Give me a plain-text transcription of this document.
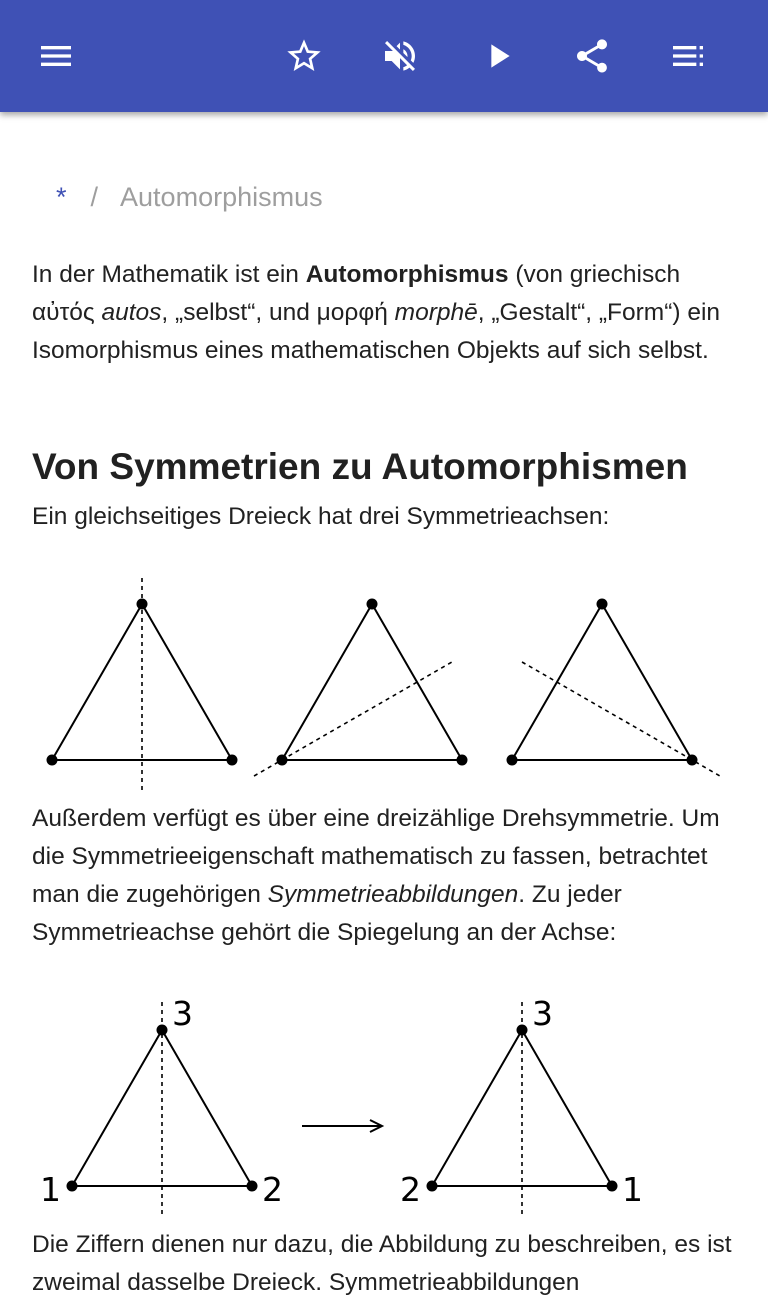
* / Automorphismus

In der Mathematik ist ein Automorphismus (von griechisch αὐτός autos, „selbst“, und μορφή morphē, „Gestalt“, „Form“) ein Isomorphismus eines mathematischen Objekts auf sich selbst.

Von Symmetrien zu Automorphismen

Ein gleichseitiges Dreieck hat drei Symmetrieachsen:

Außerdem verfügt es über eine dreizählige Drehsymmetrie. Um die Symmetrieeigenschaft mathematisch zu fassen, betrachtet man die zugehörigen Symmetrieabbildungen. Zu jeder Symmetrieachse gehört die Spiegelung an der Achse:

3
1	2
3
2	1

Die Ziffern dienen nur dazu, die Abbildung zu beschreiben, es ist zweimal dasselbe Dreieck. Symmetrieabbildungen
